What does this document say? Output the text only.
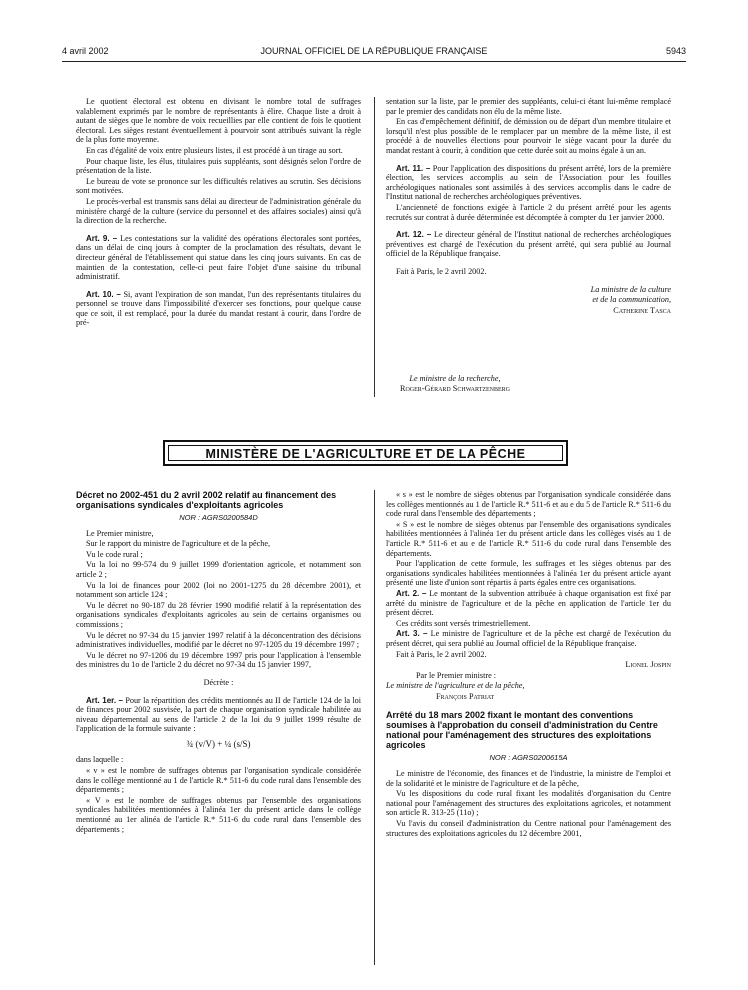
4 avril 2002	JOURNAL OFFICIEL DE LA RÉPUBLIQUE FRANÇAISE	5943

Le quotient électoral est obtenu en divisant le nombre total de suffrages valablement exprimés par le nombre de représentants à élire. Chaque liste a droit à autant de sièges que le nombre de voix recueillies par elle contient de fois le quotient électoral. Les sièges restant éventuellement à pourvoir sont attribués suivant la règle de la plus forte moyenne.

En cas d'égalité de voix entre plusieurs listes, il est procédé à un tirage au sort.

Pour chaque liste, les élus, titulaires puis suppléants, sont désignés selon l'ordre de présentation de la liste.

Le bureau de vote se prononce sur les difficultés relatives au scrutin. Ses décisions sont motivées.

Le procès-verbal est transmis sans délai au directeur de l'administration générale du ministère chargé de la culture (service du personnel et des affaires sociales) ainsi qu'à la direction de la recherche.

Art. 9. – Les contestations sur la validité des opérations électorales sont portées, dans un délai de cinq jours à compter de la proclamation des résultats, devant le directeur général de l'établissement qui statue dans les cinq jours suivants. En cas de maintien de la contestation, celle-ci peut faire l'objet d'une saisine du tribunal administratif.

Art. 10. – Si, avant l'expiration de son mandat, l'un des représentants titulaires du personnel se trouve dans l'impossibilité d'exercer ses fonctions, pour quelque cause que ce soit, il est remplacé, pour la durée du mandat restant à courir, dans l'ordre de pré-

sentation sur la liste, par le premier des suppléants, celui-ci étant lui-même remplacé par le premier des candidats non élu de la même liste.

En cas d'empêchement définitif, de démission ou de départ d'un membre titulaire et lorsqu'il n'est plus possible de le remplacer par un membre de la même liste, il est procédé à de nouvelles élections pour pourvoir le siège vacant pour la durée du mandat restant à courir, à condition que cette durée soit au moins égale à un an.

Art. 11. – Pour l'application des dispositions du présent arrêté, lors de la première élection, les services accomplis au sein de l'Association pour les fouilles archéologiques nationales sont assimilés à des services accomplis dans le cadre de l'Institut national de recherches archéologiques préventives.

L'ancienneté de fonctions exigée à l'article 2 du présent arrêté pour les agents recrutés sur contrat à durée déterminée est décomptée à compter du 1er janvier 2000.

Art. 12. – Le directeur général de l'Institut national de recherches archéologiques préventives est chargé de l'exécution du présent arrêté, qui sera publié au Journal officiel de la République française.

Fait à Paris, le 2 avril 2002.

La ministre de la culture

et de la communication,

Catherine Tasca

Le ministre de la recherche,
Roger-Gérard Schwartzenberg
MINISTÈRE DE L'AGRICULTURE ET DE LA PÊCHE
Décret no 2002-451 du 2 avril 2002 relatif au financement des organisations syndicales d'exploitants agricoles

NOR : AGRS0200584D

Le Premier ministre,

Sur le rapport du ministre de l'agriculture et de la pêche,

Vu le code rural ;

Vu la loi no 99-574 du 9 juillet 1999 d'orientation agricole, et notamment son article 2 ;

Vu la loi de finances pour 2002 (loi no 2001-1275 du 28 décembre 2001), et notamment son article 124 ;

Vu le décret no 90-187 du 28 février 1990 modifié relatif à la représentation des organisations syndicales d'exploitants agricoles au sein de certains organismes ou commissions ;

Vu le décret no 97-34 du 15 janvier 1997 relatif à la déconcentration des décisions administratives individuelles, modifié par le décret no 97-1205 du 19 décembre 1997 ;

Vu le décret no 97-1206 du 19 décembre 1997 pris pour l'application à l'ensemble des ministres du 1o de l'article 2 du décret no 97-34 du 15 janvier 1997,

Décrète :

Art. 1er. – Pour la répartition des crédits mentionnés au II de l'article 124 de la loi de finances pour 2002 susvisée, la part de chaque organisation syndicale habilitée au niveau départemental au sens de l'article 2 de la loi du 9 juillet 1999 résulte de l'application de la formule suivante :

¾ (v/V) + ¼ (s/S)

dans laquelle :

« v » est le nombre de suffrages obtenus par l'organisation syndicale considérée dans le collège mentionné au 1 de l'article R.* 511-6 du code rural dans l'ensemble des départements ;

« V » est le nombre de suffrages obtenus par l'ensemble des organisations syndicales habilitées mentionnées à l'alinéa 1er du présent article dans le collège mentionné au 1er alinéa de l'article R.* 511-6 du code rural dans l'ensemble des départements ;

« s » est le nombre de sièges obtenus par l'organisation syndicale considérée dans les collèges mentionnés au 1 de l'article R.* 511-6 et au e du 5 de l'article R.* 511-6 du code rural dans l'ensemble des départements ;

« S » est le nombre de sièges obtenus par l'ensemble des organisations syndicales habilitées mentionnées à l'alinéa 1er du présent article dans les collèges visés au 1 de l'article R.* 511-6 et au e de l'article R.* 511-6 du code rural dans l'ensemble des départements.

Pour l'application de cette formule, les suffrages et les sièges obtenus par des organisations syndicales habilitées mentionnées à l'alinéa 1er du présent article ayant présenté une liste d'union sont répartis à parts égales entre ces organisations.

Art. 2. – Le montant de la subvention attribuée à chaque organisation est fixé par arrêté du ministre de l'agriculture et de la pêche en application de l'article 1er du présent décret.

Ces crédits sont versés trimestriellement.

Art. 3. – Le ministre de l'agriculture et de la pêche est chargé de l'exécution du présent décret, qui sera publié au Journal officiel de la République française.

Fait à Paris, le 2 avril 2002.

Lionel Jospin

Par le Premier ministre :

Le ministre de l'agriculture et de la pêche,

François Patriat

Arrêté du 18 mars 2002 fixant le montant des conventions soumises à l'approbation du conseil d'administration du Centre national pour l'aménagement des structures des exploitations agricoles

NOR : AGRS0200615A

Le ministre de l'économie, des finances et de l'industrie, la ministre de l'emploi et de la solidarité et le ministre de l'agriculture et de la pêche,

Vu les dispositions du code rural fixant les modalités d'organisation du Centre national pour l'aménagement des structures des exploitations agricoles, et notamment son article R. 313-25 (11o) ;

Vu l'avis du conseil d'administration du Centre national pour l'aménagement des structures des exploitations agricoles du 12 décembre 2001,
